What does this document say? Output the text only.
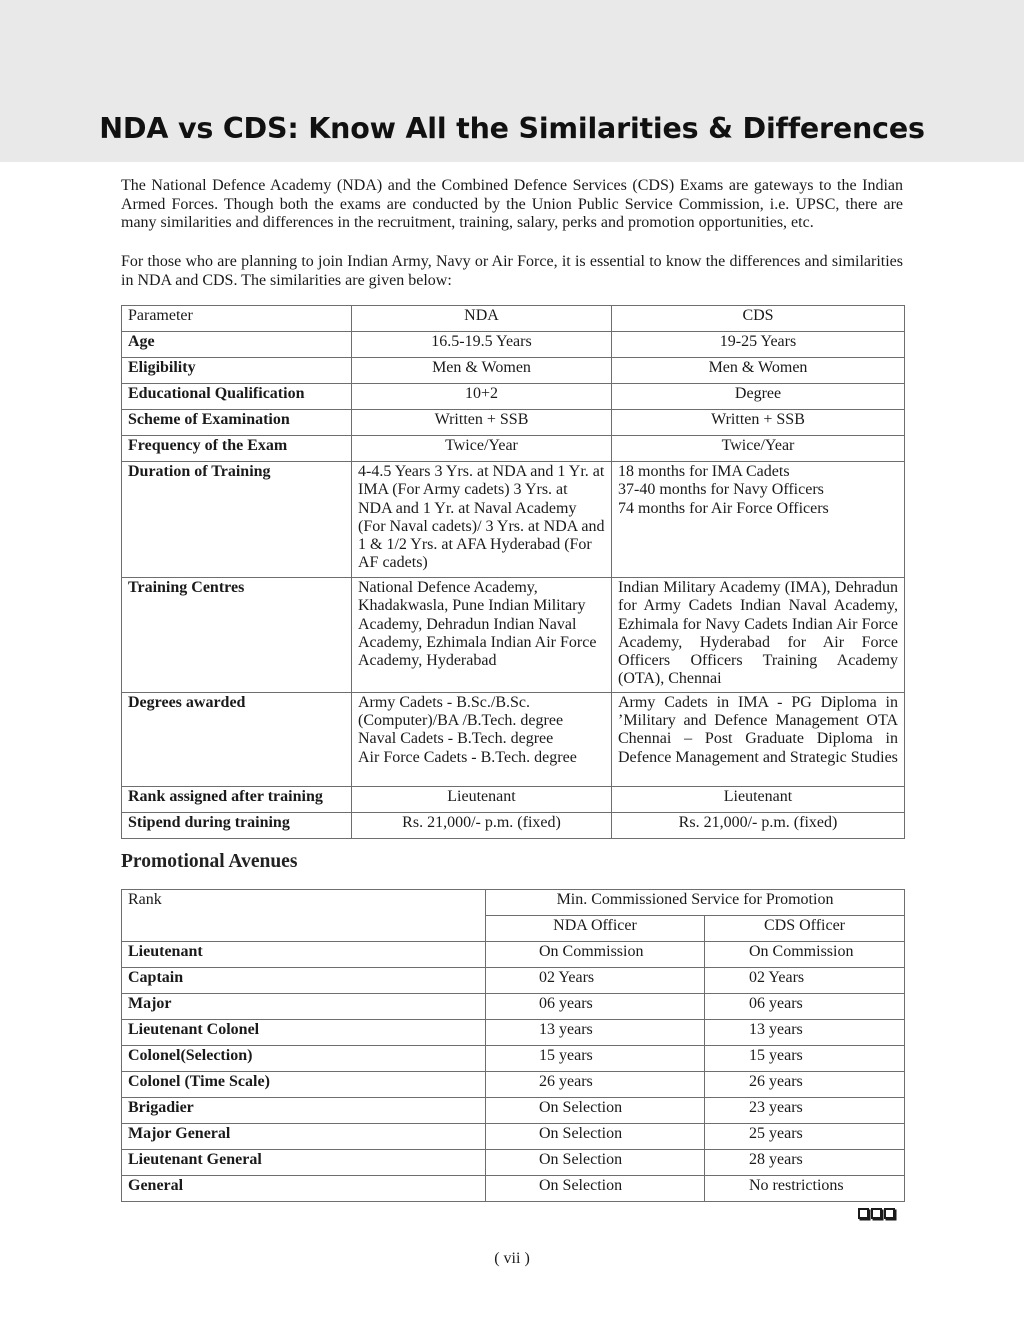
NDA vs CDS: Know All the Similarities & Differences

The National Defence Academy (NDA) and the Combined Defence Services (CDS) Exams are gateways to the Indian Armed Forces. Though both the exams are conducted by the Union Public Service Commission, i.e. UPSC, there are many similarities and differences in the recruitment, training, salary, perks and promotion opportunities, etc.

For those who are planning to join Indian Army, Navy or Air Force, it is essential to know the differences and similarities in NDA and CDS. The similarities are given below:

Parameter	NDA	CDS
Age	16.5-19.5 Years	19-25 Years
Eligibility	Men & Women	Men & Women
Educational Qualification	10+2	Degree
Scheme of Examination	Written + SSB	Written + SSB
Frequency of the Exam	Twice/Year	Twice/Year
Duration of Training	4-4.5 Years 3 Yrs. at NDA and 1 Yr. at IMA (For Army cadets) 3 Yrs. at NDA and 1 Yr. at Naval Academy (For Naval cadets)/ 3 Yrs. at NDA and 1 & 1/2 Yrs. at AFA Hyderabad (For AF cadets)	18 months for IMA Cadets
37-40 months for Navy Officers
74 months for Air Force Officers
Training Centres	National Defence Academy, Khadakwasla, Pune Indian Military Academy, Dehradun Indian Naval Academy, Ezhimala Indian Air Force Academy, Hyderabad	Indian Military Academy (IMA), Dehradun for Army Cadets Indian Naval Academy, Ezhimala for Navy Cadets Indian Air Force Academy, Hyderabad for Air Force Officers Officers Training Academy (OTA), Chennai
Degrees awarded	Army Cadets - B.Sc./B.Sc. (Computer)/BA /B.Tech. degree
Naval Cadets - B.Tech. degree
Air Force Cadets - B.Tech. degree	Army Cadets in IMA - PG Diploma in ’Military and Defence Management OTA Chennai – Post Graduate Diploma in Defence Management and Strategic Studies
Rank assigned after training	Lieutenant	Lieutenant
Stipend during training	Rs. 21,000/- p.m. (fixed)	Rs. 21,000/- p.m. (fixed)
Promotional Avenues
Rank	Min. Commissioned Service for Promotion	
	NDA Officer	CDS Officer
Lieutenant	On Commission	On Commission
Captain	02 Years	02 Years
Major	06 years	06 years
Lieutenant Colonel	13 years	13 years
Colonel(Selection)	15 years	15 years
Colonel (Time Scale)	26 years	26 years
Brigadier	On Selection	23 years
Major General	On Selection	25 years
Lieutenant General	On Selection	28 years
General	On Selection	No restrictions

( vii )
